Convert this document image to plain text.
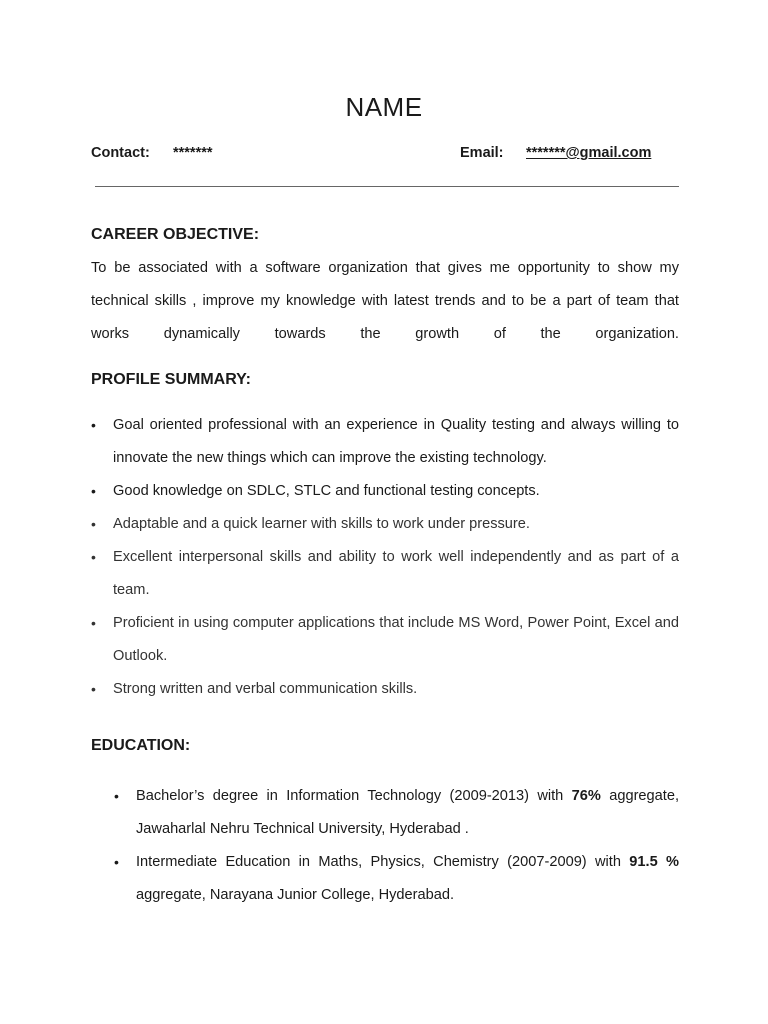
NAME
Contact: *******	Email: *******@gmail.com
CAREER OBJECTIVE:

To be associated with a software organization that gives me opportunity to show my technical skills , improve my knowledge with latest trends and to be a part of team that works dynamically towards the growth of the organization.

PROFILE SUMMARY:
• Goal oriented professional with an experience in Quality testing and always willing to innovate the new things which can improve the existing technology.
• Good knowledge on SDLC, STLC and functional testing concepts.
• Adaptable and a quick learner with skills to work under pressure.
• Excellent interpersonal skills and ability to work well independently and as part of a team.
• Proficient in using computer applications that include MS Word, Power Point, Excel and Outlook.
• Strong written and verbal communication skills.
EDUCATION:
• Bachelor’s degree in Information Technology (2009-2013) with 76% aggregate, Jawaharlal Nehru Technical University, Hyderabad .
• Intermediate Education in Maths, Physics, Chemistry (2007-2009) with 91.5 % aggregate, Narayana Junior College, Hyderabad.
